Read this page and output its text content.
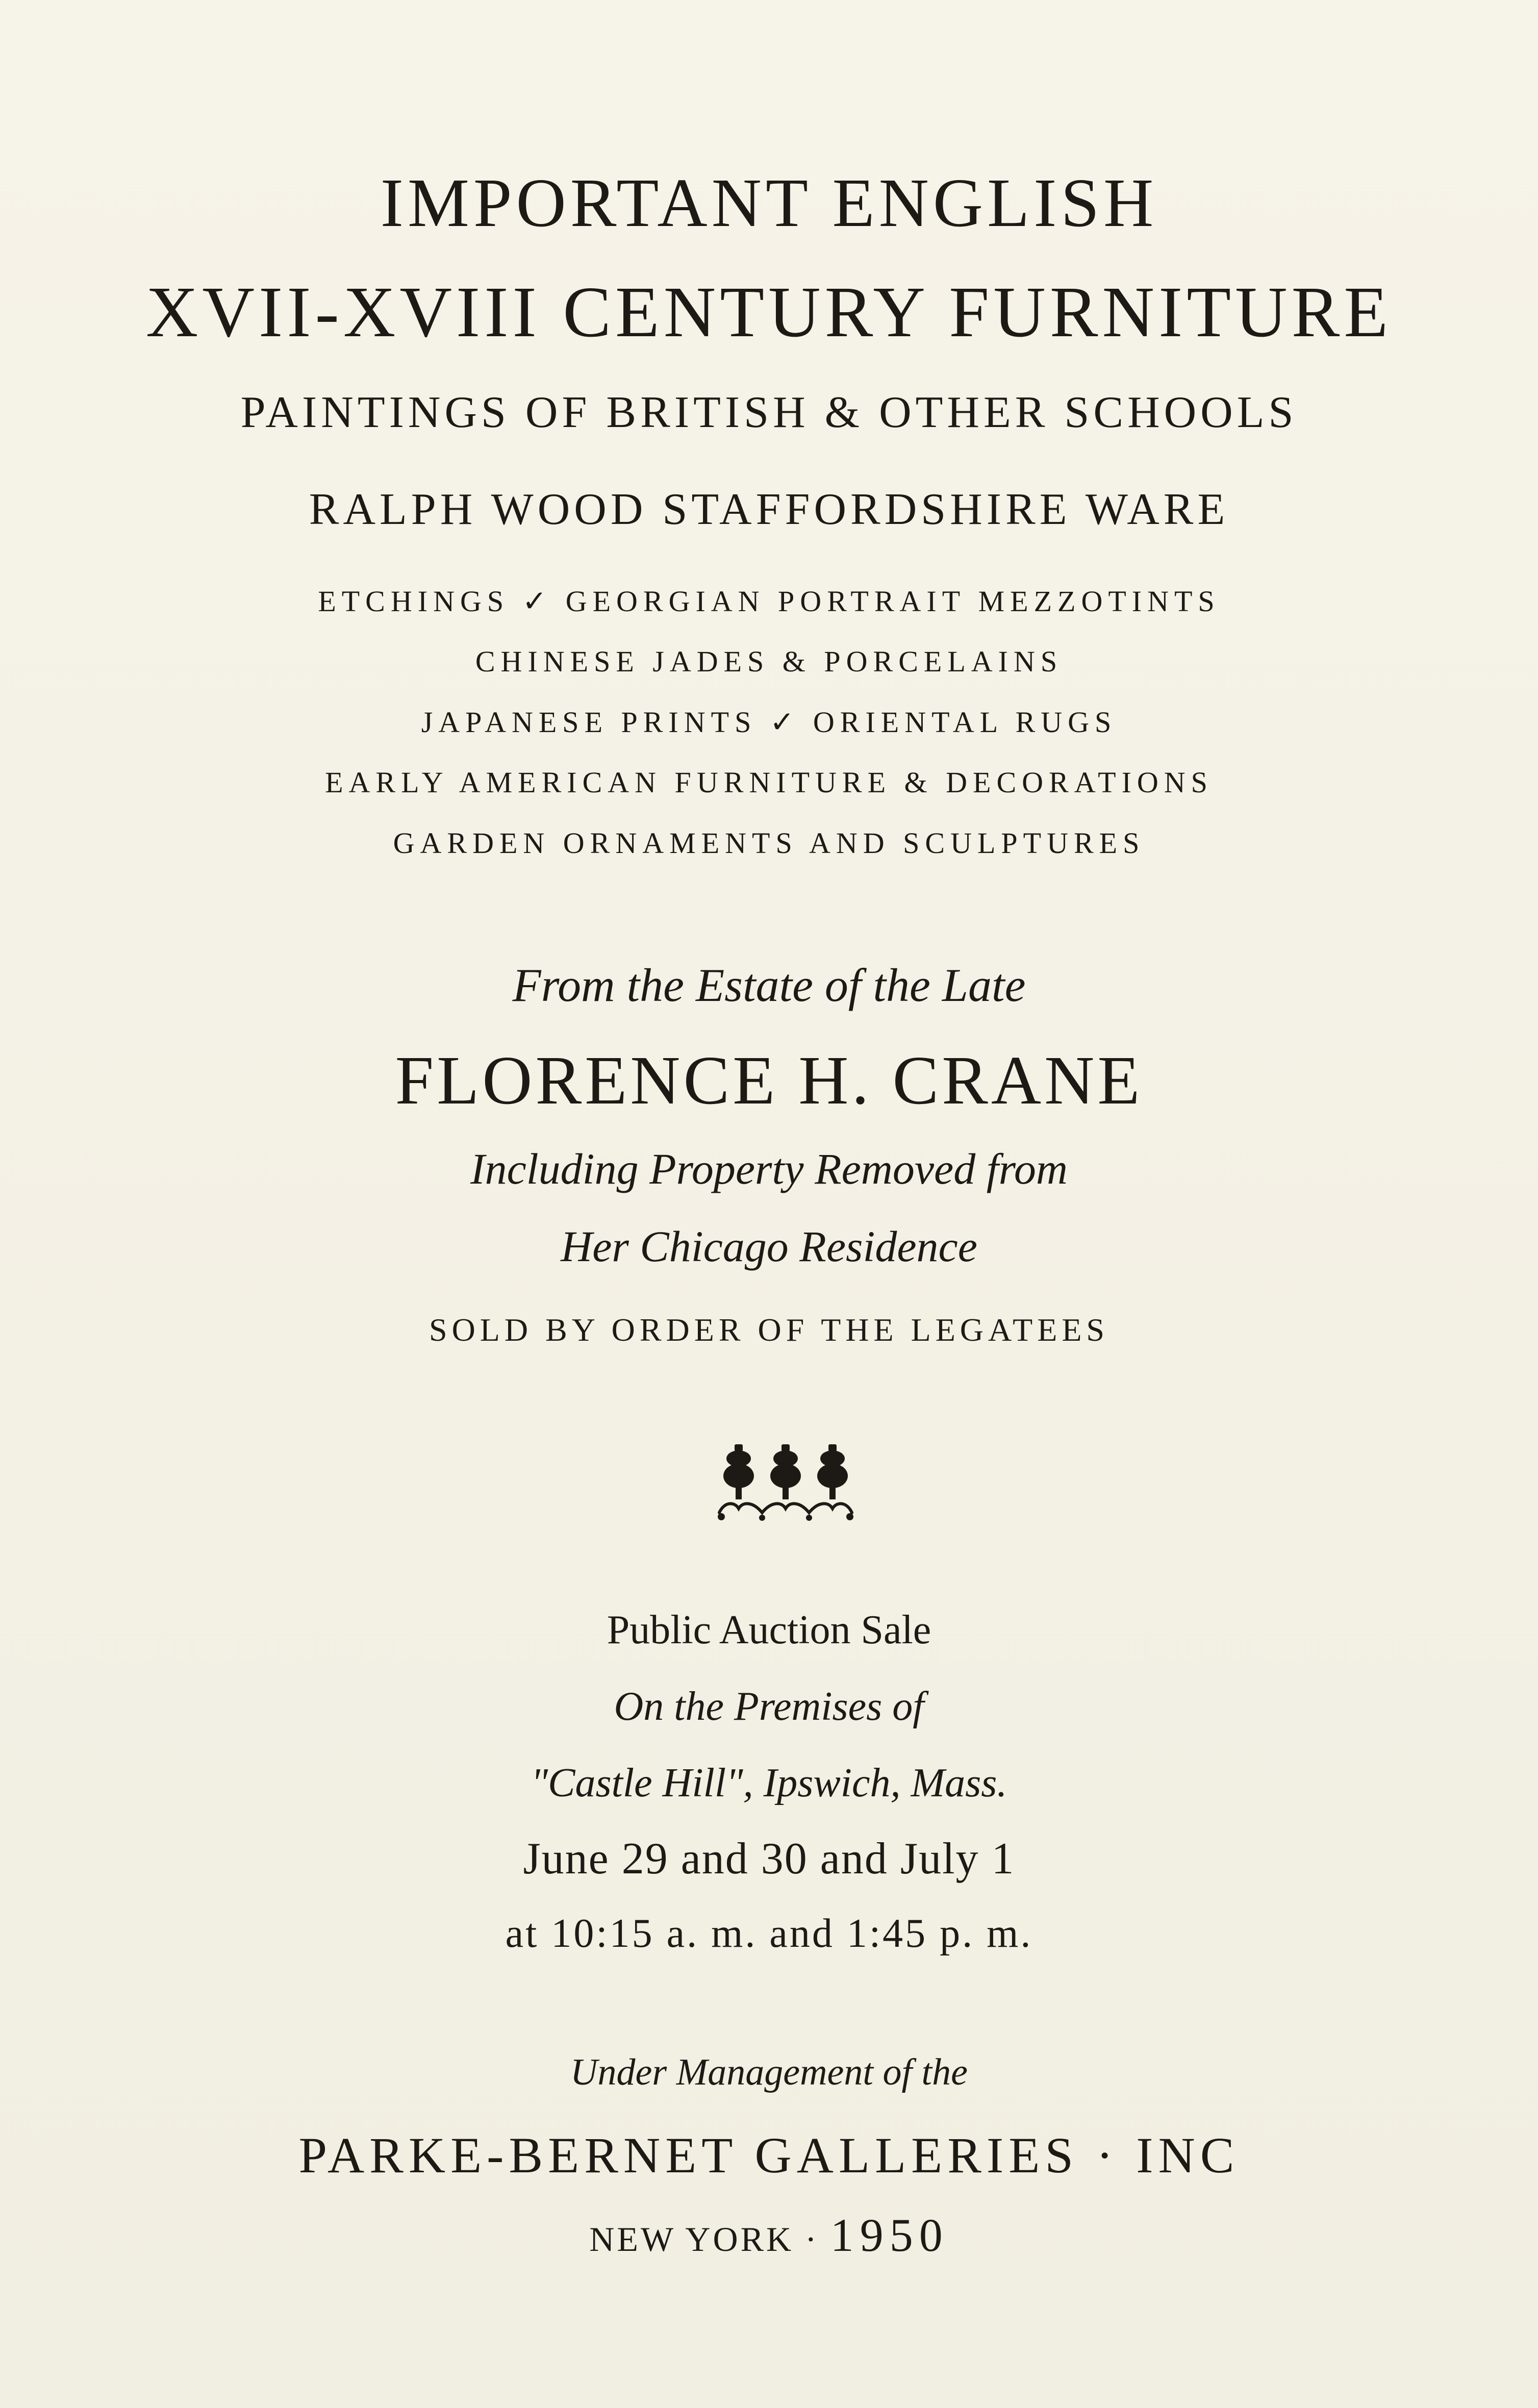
IMPORTANT ENGLISH

XVII-XVIII CENTURY FURNITURE

PAINTINGS OF BRITISH & OTHER SCHOOLS

RALPH WOOD STAFFORDSHIRE WARE

ETCHINGS ✓ GEORGIAN PORTRAIT MEZZOTINTS

CHINESE JADES & PORCELAINS

JAPANESE PRINTS ✓ ORIENTAL RUGS

EARLY AMERICAN FURNITURE & DECORATIONS

GARDEN ORNAMENTS AND SCULPTURES

From the Estate of the Late

FLORENCE H. CRANE

Including Property Removed from

Her Chicago Residence

SOLD BY ORDER OF THE LEGATEES

Public Auction Sale

On the Premises of

"Castle Hill", Ipswich, Mass.

June 29 and 30 and July 1

at 10:15 a. m. and 1:45 p. m.

Under Management of the

PARKE-BERNET GALLERIES · INC

NEW YORK · 1950
